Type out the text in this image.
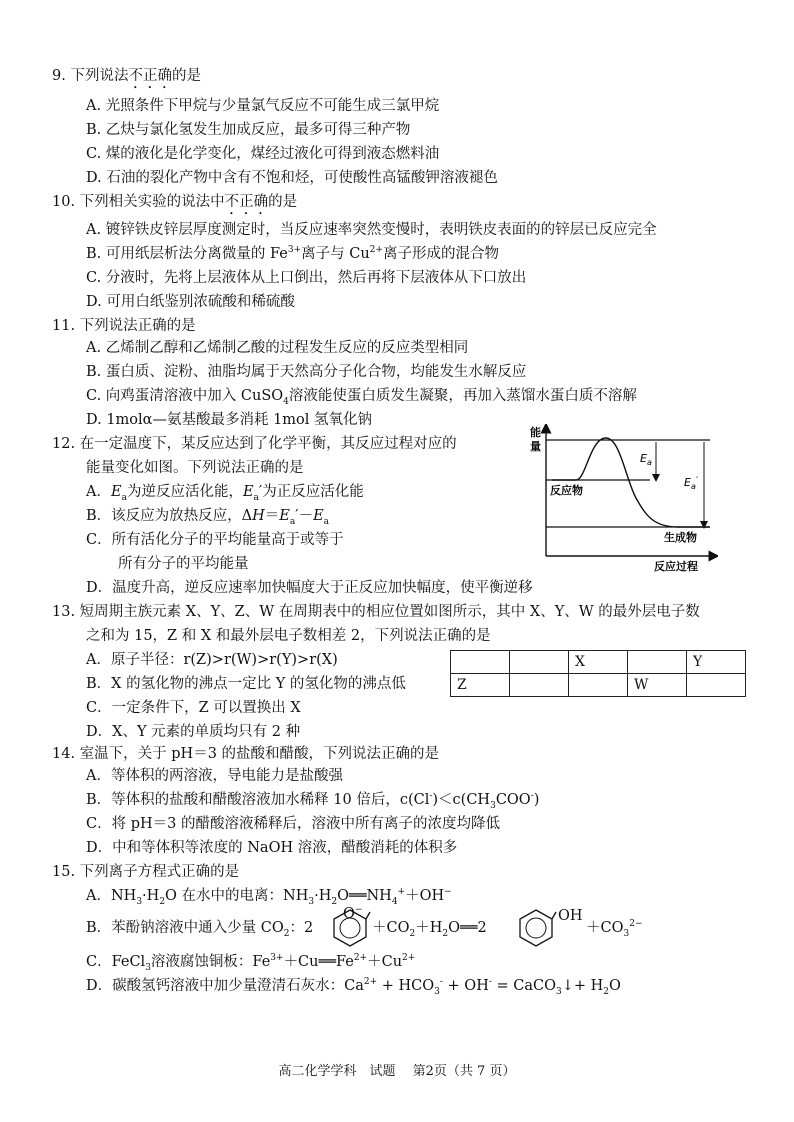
9. 下列说法不正确的是
A. 光照条件下甲烷与少量氯气反应不可能生成三氯甲烷
B. 乙炔与氯化氢发生加成反应，最多可得三种产物
C. 煤的液化是化学变化，煤经过液化可得到液态燃料油
D. 石油的裂化产物中含有不饱和烃，可使酸性高锰酸钾溶液褪色
10. 下列相关实验的说法中不正确的是
A. 镀锌铁皮锌层厚度测定时，当反应速率突然变慢时，表明铁皮表面的的锌层已反应完全
B. 可用纸层析法分离微量的 $Fe^{3+}$离子与 $Cu^{2+}$离子形成的混合物
C. 分液时，先将上层液体从上口倒出，然后再将下层液体从下口放出
D. 可用白纸鉴别浓硫酸和稀硫酸
11. 下列说法正确的是
A. 乙烯制乙醇和乙烯制乙酸的过程发生反应的反应类型相同
B. 蛋白质、淀粉、油脂均属于天然高分子化合物，均能发生水解反应
C. 向鸡蛋清溶液中加入 CuSO$_4$溶液能使蛋白质发生凝聚，再加入蒸馏水蛋白质不溶解
D. 1molα—氨基酸最多消耗 1mol 氢氧化钠
12. 在一定温度下，某反应达到了化学平衡，其反应过程对应的
能量变化如图。下列说法正确的是
A．$E_a$为逆反应活化能，$E_a'$为正反应活化能
B．该反应为放热反应，$\Delta H=E_a'-E_a$
C．所有活化分子的平均能量高于或等于
所有分子的平均能量
D．温度升高，逆反应速率加快幅度大于正反应加快幅度，使平衡逆移
能
量
$E_a$
$E_a'$
反应物
生成物
反应过程
13. 短周期主族元素 X、Y、Z、W 在周期表中的相应位置如图所示，其中 X、Y、W 的最外层电子数
之和为 15，Z 和 X 和最外层电子数相差 2，下列说法正确的是
A．原子半径：r(Z)>r(W)>r(Y)>r(X)
B．X 的氢化物的沸点一定比 Y 的氢化物的沸点低
C．一定条件下，Z 可以置换出 X
D．X、Y 元素的单质均只有 2 种
		X		Y
Z			W	
14. 室温下，关于 pH＝3 的盐酸和醋酸，下列说法正确的是
A．等体积的两溶液，导电能力是盐酸强
B．等体积的盐酸和醋酸溶液加水稀释 10 倍后，$c(Cl^-)<c(CH_3COO^-)$
C．将 pH＝3 的醋酸溶液稀释后，溶液中所有离子的浓度均降低
D．中和等体积等浓度的 NaOH 溶液，醋酸消耗的体积多
15. 下列离子方程式正确的是
A．$NH_3\cdot H_2O$ 在水中的电离：$NH_3\cdot H_2O══NH_4^++OH^-$
B．苯酚钠溶液中通入少量 $CO_2$：2
O−
$+CO_2+H_2O══2$
OH
$+CO_3^{2-}$
C．FeCl$_3$溶液腐蚀铜板：$Fe^{3+}+Cu══Fe^{2+}+Cu^{2+}$
D．碳酸氢钙溶液中加少量澄清石灰水：$Ca^{2+} + HCO_3^- + OH^-$ = CaCO$_3$↓+ $H_2O$
高二化学学科　试题　 第2页（共 7 页）
